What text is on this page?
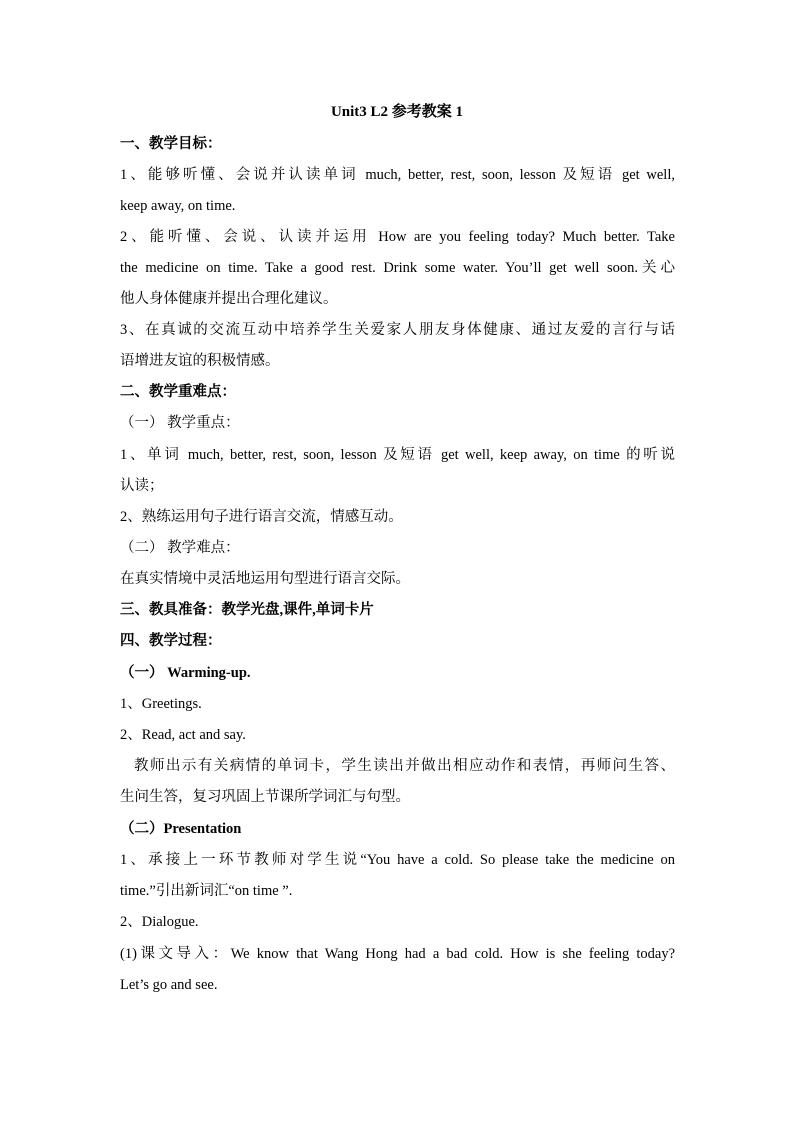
Unit3 L2 参考教案 1
一、教学目标：
1、能够听懂、会说并认读单词 much, better, rest, soon, lesson 及短语 get well,
keep away, on time.
2、能听懂、会说、认读并运用 How are you feeling today? Much better. Take
the medicine on time. Take a good rest. Drink some water. You’ll get well soon.关心
他人身体健康并提出合理化建议。
3、在真诚的交流互动中培养学生关爱家人朋友身体健康、通过友爱的言行与话
语增进友谊的积极情感。
二、教学重难点：
（一） 教学重点：
1、单词 much, better, rest, soon, lesson 及短语 get well, keep away, on time 的听说
认读；
2、熟练运用句子进行语言交流，情感互动。
（二） 教学难点：
在真实情境中灵活地运用句型进行语言交际。
三、教具准备：教学光盘,课件,单词卡片
四、教学过程：
（一） Warming-up.
1、Greetings.
2、Read, act and say.
教师出示有关病情的单词卡，学生读出并做出相应动作和表情，再师问生答、
生问生答，复习巩固上节课所学词汇与句型。
（二）Presentation
1、承接上一环节教师对学生说“You have a cold. So please take the medicine on
time.”引出新词汇“on time ”.
2、Dialogue.
(1)课文导入：We know that Wang Hong had a bad cold. How is she feeling today?
Let’s go and see.
